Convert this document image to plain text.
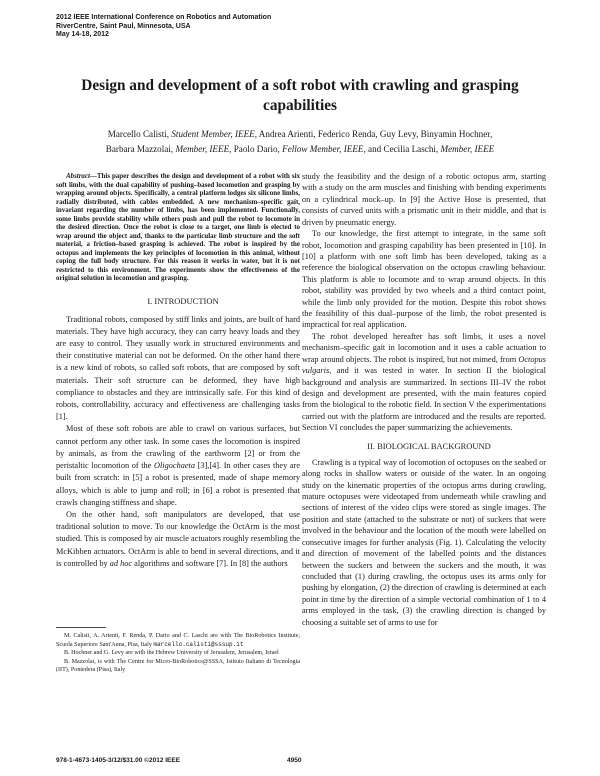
2012 IEEE International Conference on Robotics and Automation
RiverCentre, Saint Paul, Minnesota, USA
May 14-18, 2012
Design and development of a soft robot with crawling and grasping
capabilities
Marcello Calisti, Student Member, IEEE, Andrea Arienti, Federico Renda, Guy Levy, Binyamin Hochner,
Barbara Mazzolai, Member, IEEE, Paolo Dario, Fellow Member, IEEE, and Cecilia Laschi, Member, IEEE

Abstract—This paper describes the design and development of a robot with six soft limbs, with the dual capability of pushing–based locomotion and grasping by wrapping around objects. Specifically, a central platform lodges six silicone limbs, radially distributed, with cables embedded. A new mechanism–specific gait, invariant regarding the number of limbs, has been implemented. Functionally, some limbs provide stability while others push and pull the robot to locomote in the desired direction. Once the robot is close to a target, one limb is elected to wrap around the object and, thanks to the particular limb structure and the soft material, a friction–based grasping is achieved. The robot is inspired by the octopus and implements the key principles of locomotion in this animal, without coping the full body structure. For this reason it works in water, but it is not restricted to this environment. The experiments show the effectiveness of the original solution in locomotion and grasping.

I. INTRODUCTION

Traditional robots, composed by stiff links and joints, are built of hard materials. They have high accuracy, they can carry heavy loads and they are easy to control. They usually work in structured environments and their constitutive material can not be deformed. On the other hand there is a new kind of robots, so called soft robots, that are composed by soft materials. Their soft structure can be deformed, they have high compliance to obstacles and they are intrinsically safe. For this kind of robots, controllability, accuracy and effectiveness are challenging tasks [1].

Most of these soft robots are able to crawl on various surfaces, but cannot perform any other task. In some cases the locomotion is inspired by animals, as from the crawling of the earthworm [2] or from the peristaltic locomotion of the Oligochaeta [3],[4]. In other cases they are built from scratch: in [5] a robot is presented, made of shape memory alloys, which is able to jump and roll; in [6] a robot is presented that crawls changing stiffness and shape.

On the other hand, soft manipulators are developed, that use traditional solution to move. To our knowledge the OctArm is the most studied. This is composed by air muscle actuators roughly resembling the McKibben actuators. OctArm is able to bend in several directions, and it is controlled by ad hoc algorithms and software [7]. In [8] the authors

M. Calisti, A. Arienti, F. Renda, P. Dario and C. Laschi are with The BioRobotics Institute, Scuola Superiore Sant'Anna, Pisa, Italy marcello.calisti@sssup.it

B. Hochner and G. Levy are with the Hebrew University of Jerusalem, Jerusalem, Israel

B. Mazzolai, is with The Centre for Micro-BioRobotics@SSSA, Istituto Italiano di Tecnologia (IIT), Pontedera (Pisa), Italy

study the feasibility and the design of a robotic octopus arm, starting with a study on the arm muscles and finishing with bending experiments on a cylindrical mock–up. In [9] the Active Hose is presented, that consists of curved units with a prismatic unit in their middle, and that is driven by pneumatic energy.

To our knowledge, the first attempt to integrate, in the same soft robot, locomotion and grasping capability has been presented in [10]. In [10] a platform with one soft limb has been developed, taking as a reference the biological observation on the octopus crawling behaviour. This platform is able to locomote and to wrap around objects. In this robot, stability was provided by two wheels and a third contact point, while the limb only provided for the motion. Despite this robot shows the feasibility of this dual–purpose of the limb, the robot presented is impractical for real application.

The robot developed hereafter has soft limbs, it uses a novel mechanism–specific gait in locomotion and it uses a cable actuation to wrap around objects. The robot is inspired, but not mimed, from Octopus vulgaris, and it was tested in water. In section II the biological background and analysis are summarized. In sections III–IV the robot design and development are presented, with the main features copied from the biological to the robotic field. In section V the experimentations carried out with the platform are introduced and the results are reported. Section VI concludes the paper summarizing the achievements.

II. BIOLOGICAL BACKGROUND

Crawling is a typical way of locomotion of octopuses on the seabed or along rocks in shallow waters or outside of the water. In an ongoing study on the kinematic properties of the octopus arms during crawling, mature octopuses were videotaped from underneath while crawling and sections of interest of the video clips were stored as single images. The position and state (attached to the substrate or not) of suckers that were involved in the behaviour and the location of the mouth were labelled on consecutive images for further analysis (Fig. 1). Calculating the velocity and direction of movement of the labelled points and the distances between the suckers and between the suckers and the mouth, it was concluded that (1) during crawling, the octopus uses its arms only for pushing by elongation, (2) the direction of crawling is determined at each point in time by the direction of a simple vectorial combination of 1 to 4 arms employed in the task, (3) the crawling direction is changed by choosing a suitable set of arms to use for

978-1-4673-1405-3/12/$31.00 ©2012 IEEE	4950
